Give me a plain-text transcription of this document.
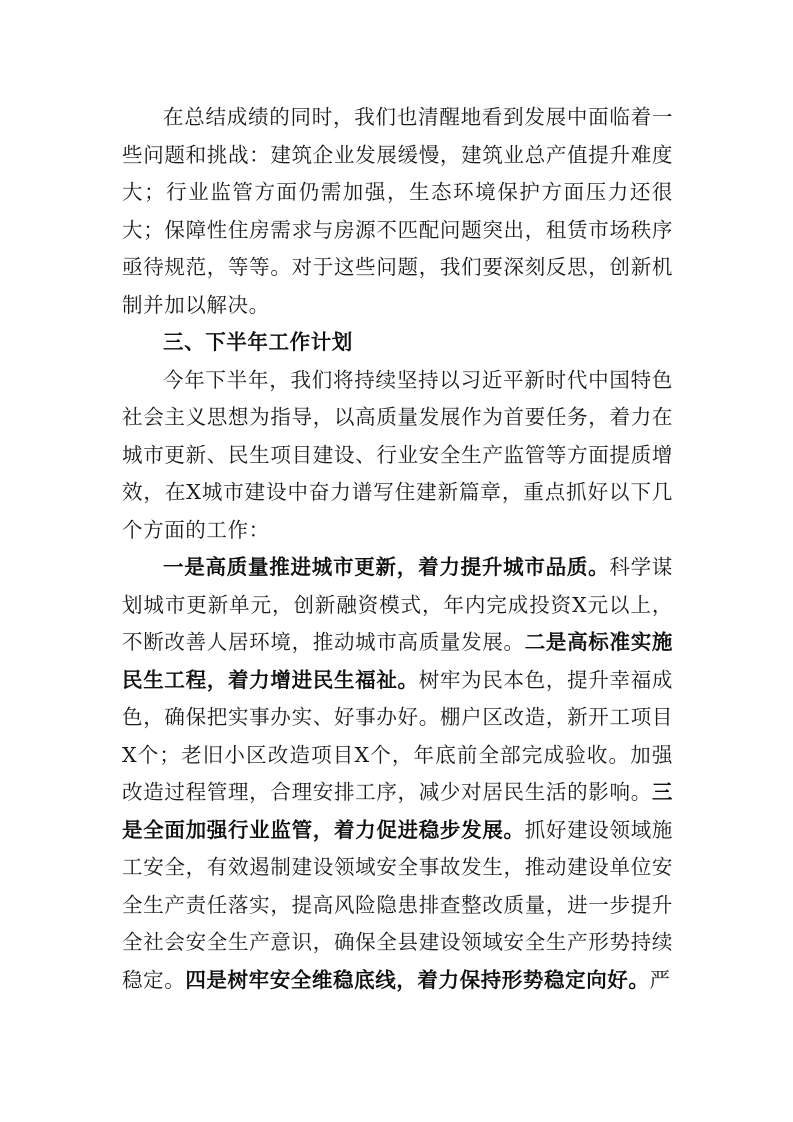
在总结成绩的同时，我们也清醒地看到发展中面临着一些问题和挑战：建筑企业发展缓慢，建筑业总产值提升难度大；行业监管方面仍需加强，生态环境保护方面压力还很大；保障性住房需求与房源不匹配问题突出，租赁市场秩序亟待规范，等等。对于这些问题，我们要深刻反思，创新机制并加以解决。

三、下半年工作计划

今年下半年，我们将持续坚持以习近平新时代中国特色社会主义思想为指导，以高质量发展作为首要任务，着力在城市更新、民生项目建设、行业安全生产监管等方面提质增效，在X城市建设中奋力谱写住建新篇章，重点抓好以下几个方面的工作：

一是高质量推进城市更新，着力提升城市品质。科学谋划城市更新单元，创新融资模式，年内完成投资X元以上，不断改善人居环境，推动城市高质量发展。二是高标准实施民生工程，着力增进民生福祉。树牢为民本色，提升幸福成色，确保把实事办实、好事办好。棚户区改造，新开工项目X个；老旧小区改造项目X个，年底前全部完成验收。加强改造过程管理，合理安排工序，减少对居民生活的影响。三是全面加强行业监管，着力促进稳步发展。抓好建设领域施工安全，有效遏制建设领域安全事故发生，推动建设单位安全生产责任落实，提高风险隐患排查整改质量，进一步提升全社会安全生产意识，确保全县建设领域安全生产形势持续稳定。四是树牢安全维稳底线，着力保持形势稳定向好。严
